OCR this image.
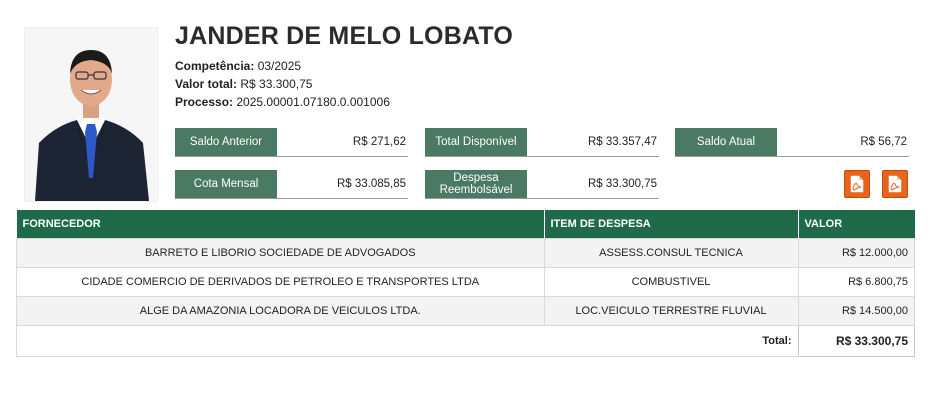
JANDER DE MELO LOBATO
Competência: 03/2025
Valor total: R$ 33.300,75
Processo: 2025.00001.07180.0.001006
Saldo Anterior	R$ 271,62	Total Disponível	R$ 33.357,47	Saldo Atual	R$ 56,72
Cota Mensal	R$ 33.085,85	Despesa Reembolsável	R$ 33.300,75
FORNECEDOR	ITEM DE DESPESA	VALOR
BARRETO E LIBORIO SOCIEDADE DE ADVOGADOS	ASSESS.CONSUL TECNICA	R$ 12.000,00
CIDADE COMERCIO DE DERIVADOS DE PETROLEO E TRANSPORTES LTDA	COMBUSTIVEL	R$ 6.800,75
ALGE DA AMAZONIA LOCADORA DE VEICULOS LTDA.	LOC.VEICULO TERRESTRE FLUVIAL	R$ 14.500,00
Total:		R$ 33.300,75
